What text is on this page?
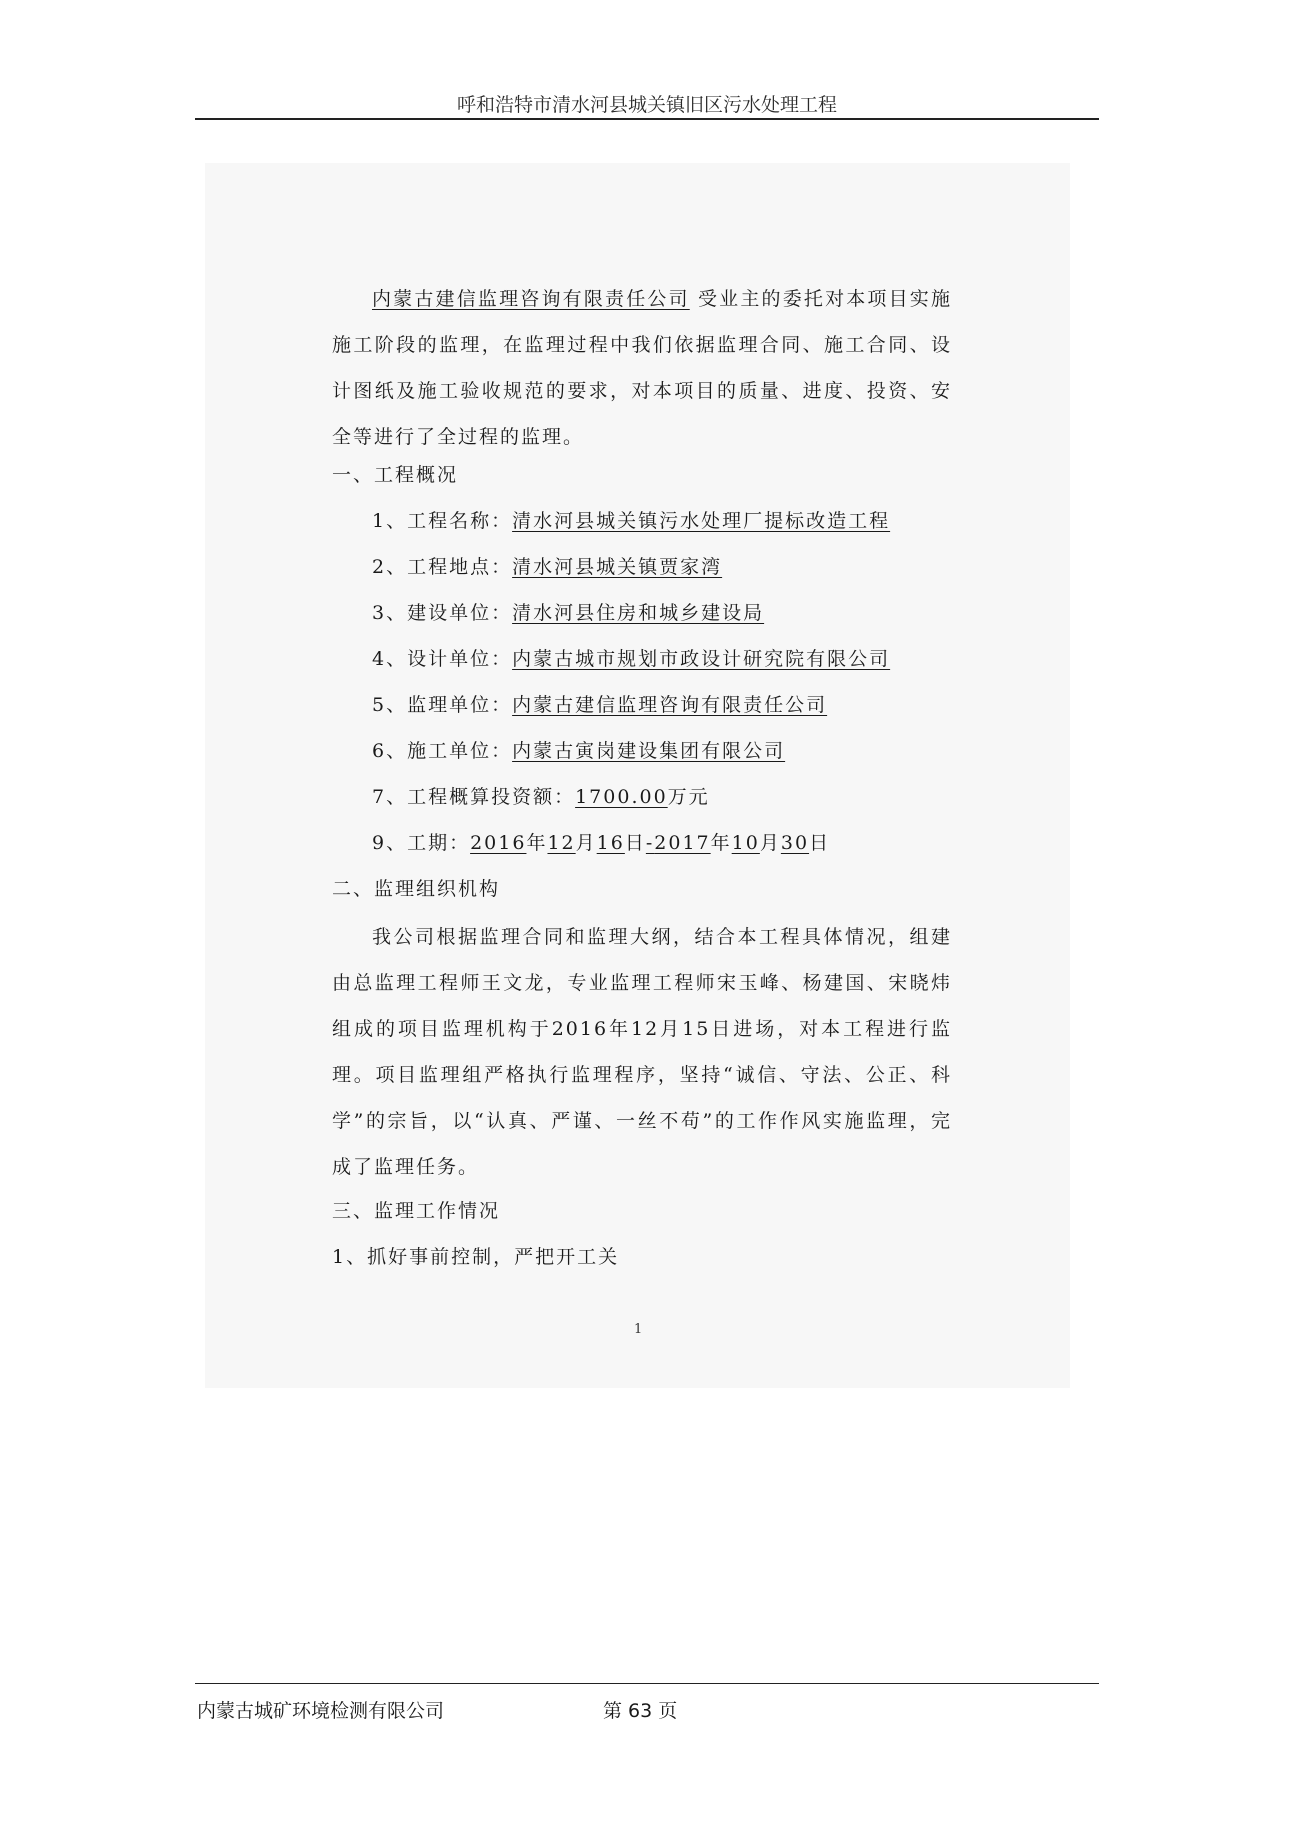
呼和浩特市清水河县城关镇旧区污水处理工程
内蒙古建信监理咨询有限责任公司 受业主的委托对本项目实施施工阶段的监理，在监理过程中我们依据监理合同、施工合同、设计图纸及施工验收规范的要求，对本项目的质量、进度、投资、安全等进行了全过程的监理。
一、工程概况
1、工程名称：清水河县城关镇污水处理厂提标改造工程
2、工程地点：清水河县城关镇贾家湾
3、建设单位：清水河县住房和城乡建设局
4、设计单位：内蒙古城市规划市政设计研究院有限公司
5、监理单位：内蒙古建信监理咨询有限责任公司
6、施工单位：内蒙古寅岗建设集团有限公司
7、工程概算投资额：1700.00万元
9、工期：2016年12月16日-2017年10月30日
二、监理组织机构
我公司根据监理合同和监理大纲，结合本工程具体情况，组建由总监理工程师王文龙，专业监理工程师宋玉峰、杨建国、宋晓炜组成的项目监理机构于2016年12月15日进场，对本工程进行监理。项目监理组严格执行监理程序，坚持“诚信、守法、公正、科学”的宗旨，以“认真、严谨、一丝不苟”的工作作风实施监理，完成了监理任务。
三、监理工作情况
1、抓好事前控制，严把开工关
1
内蒙古城矿环境检测有限公司	第 63 页
